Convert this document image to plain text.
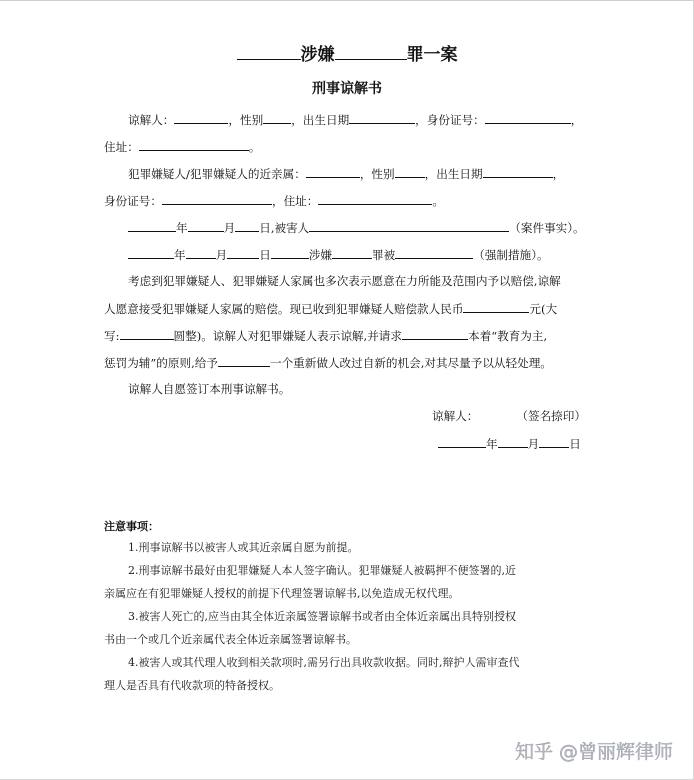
涉嫌	罪一案
刑事谅解书
谅解人：	，性别 ，出生日期	，身份证号：	，
住址：	。
犯罪嫌疑人/犯罪嫌疑人的近亲属：	，性别	，出生日期	，
身份证号：	，住址：	。
年	月 日,被害人	（案件事实）。
年	月	日	涉嫌	罪被	（强制措施）。
考虑到犯罪嫌疑人、犯罪嫌疑人家属也多次表示愿意在力所能及范围内予以赔偿,谅解
人愿意接受犯罪嫌疑人家属的赔偿。现已收到犯罪嫌疑人赔偿款人民币	元(大
写:	圆整)。谅解人对犯罪嫌疑人表示谅解,并请求	本着“教育为主,
惩罚为辅”的原则,给予	一个重新做人改过自新的机会,对其尽量予以从轻处理。
谅解人自愿签订本刑事谅解书。
谅解人：	（签名捺印）
年	月	日
注意事项：
1.刑事谅解书以被害人或其近亲属自愿为前提。
2.刑事谅解书最好由犯罪嫌疑人本人签字确认。犯罪嫌疑人被羁押不便签署的,近
亲属应在有犯罪嫌疑人授权的前提下代理签署谅解书,以免造成无权代理。
3.被害人死亡的,应当由其全体近亲属签署谅解书或者由全体近亲属出具特别授权
书由一个或几个近亲属代表全体近亲属签署谅解书。
4.被害人或其代理人收到相关款项时,需另行出具收款收据。同时,辩护人需审查代
理人是否具有代收款项的特备授权。
知乎 @曾丽辉律师
